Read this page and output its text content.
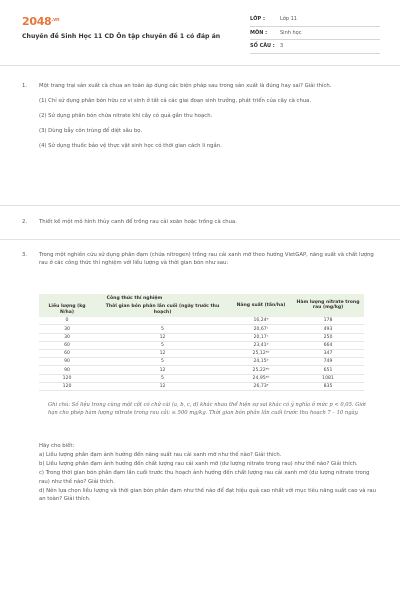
$2048^{.vn}$
Chuyên đề Sinh Học 11 CD Ôn tập chuyên đề 1 có đáp án
LỚP :	Lớp 11
MÔN :	Sinh học
SỐ CÂU :	3
1. Một trang trại sản xuất cà chua an toàn áp dụng các biện pháp sau trong sản xuất là đúng hay sai? Giải thích.

(1) Chỉ sử dụng phân bón hữu cơ vi sinh ở tất cả các giai đoạn sinh trưởng, phát triển của cây cà chua.

(2) Sử dụng phân bón chứa nitrate khi cây có quả gần thu hoạch.

(3) Dùng bẫy côn trùng để diệt sâu bọ.

(4) Sử dụng thuốc bảo vệ thực vật sinh học có thời gian cách li ngắn.

2. Thiết kế một mô hình thủy canh để trồng rau cải xoăn hoặc trồng cà chua.

3. Trong một nghiên cứu sử dụng phân đạm (chứa nitrogen) trồng rau cải xanh mỡ theo hướng VietGAP, năng suất và chất lượng rau ở các công thức thí nghiệm với liều lượng và thời gian bón như sau:

Công thức thí nghiệm		Năng suất (tấn/ha)	Hàm lượng nitrate trong rau (mg/kg)
Liều lượng (kg N/ha)	Thời gian bón phân lần cuối (ngày trước thu hoạch)		
0		16,24ᵉ	178
30	5	20,67ᶜ	493
30	12	20,17ᶜ	250
60	5	23,41ᵇ	664
60	12	25,12ᵃᵇ	347
90	5	24,15ᵇ	749
90	12	25,22ᵃᵇ	651
120	5	24,95ᵃᵇ	1081
120	12	26,73ᵃ	835
Ghi chú: Số liệu trong cùng một cột có chữ cái (a, b, c, d) khác nhau thể hiện sự sai khác có ý nghĩa ở mức p < 0,05. Giới hạn cho phép hàm lượng nitrate trong rau cải: ≤ 500 mg/kg. Thời gian bón phân lần cuối trước thu hoạch 7 – 10 ngày.

Hãy cho biết:

a) Liều lượng phân đạm ảnh hưởng đến năng suất rau cải xanh mỡ như thế nào? Giải thích.

b) Liều lượng phân đạm ảnh hưởng đến chất lượng rau cải xanh mỡ (dư lượng nitrate trong rau) như thế nào? Giải thích.

c) Trong thời gian bón phân đạm lần cuối trước thu hoạch ảnh hưởng đến chất lượng rau cải xanh mỡ (dư lượng nitrate trong rau) như thế nào? Giải thích.

d) Nên lựa chọn liều lượng và thời gian bón phân đạm như thế nào để đạt hiệu quả cao nhất với mục tiêu năng suất cao và rau an toàn? Giải thích.
